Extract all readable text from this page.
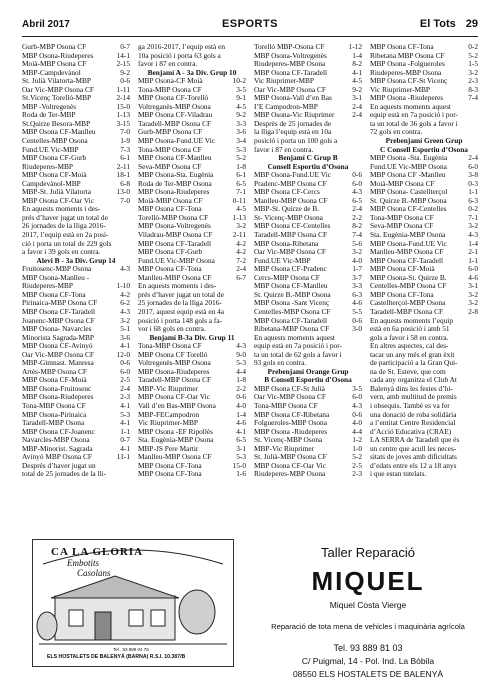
Abril 2017	ESPORTS	El Tots 29
Gurb-MBP Osona CF	0-7
MBP Osona-Riudeperes	14-1
Moià-MBP Osona CF	2-15
MBP-Campdevànol	9-2
St. Julià Vilatorta-MBP	0-6
Oar Vic-MBP Osona CF	1-11
St.Vicenç Torelló-MBP	2-14
MBP -Voltregenès	15-0
Roda de Ter-MBP	1-13
St.Quirze Besora-MBP	3-15
MBP Osona CF-Manlleu	7-0
Centelles-MBP Osona	1-9
Fund.UE Vic-MBP	7-3
MBP Osona CF-Gurb	6-1
Riudeperes-MBP	2-11
MBP Osona CF-Moià	18-1
Campdevànol-MBP	6-8
MBP-St. Julià Vilatorta	13-0
MBP Osona CF-Oar Vic	7-0
En aquests moments i des-
prés d’haver jugat un total de
26 jornades de la lliga 2016-
2017, l’equip està en 2a posi-
ció i porta un total de 229 gols
a favor i 39 gols en contra.
Alevi B - 3a Div. Grup 14
Fruitosenc-MBP Osona	4-3
MBP Osona-Manlleu -
Riudeperes-MBP	1-10
MBP Osona CF-Tona	4-2
Pirinaica-MBP Osona CF	6-2
MBP Osona CF-Taradell	4-3
Joanenc-MBP Osona CF	3-2
MBP Osona- Navarcles	5-1
Minorista Sagrada-MBP	3-6
MBP Osona CF-Avinyó	4-1
Oar Vic-MBP Osona CF	12-0
MBP-Gimnast. Manresa	0-6
Artés-MBP Osona CF	6-0
MBP Osona CF-Moià	2-5
MBP Osona-Fruitosenc	2-4
MBP Osona-Riudeperes	2-3
Tona-MBP Osona CF	4-1
MBP Osona-Pirinaica	5-3
Taradell-MBP Osona	4-1
MBP Osona CF-Joanenc	1-1
Navarcles-MBP Osona	0-7
MBP-Minorist. Sagrada	4-1
Avinyó MBP Osona CF	11-1
Després d’haver jugat un
total de 25 jornades de la lli-
ga 2016-2017, l’equip està en
10a posició i porta 63 gols a
favor i 87 en contra.
Benjamí A - 3a Div. Grup 10
MBP Osona-CF Moià	10-2
Tona-MBP Osona CF	3-5
MBP Osona CF-Torelló	9-1
Voltreganès-MBP Osona	4-5
MBP Osona CF-Viladrau	9-2
Taradell-MBP Osona CF	3-3
Gurb-MBP Osona CF	3-6
MBP Osona-Fund.UE Vic	3-4
Tona-MBP Osona CF	5-3
MBP Osona CF-Manlleu	5-2
Seva-MBP Osona CF	1-8
MBP Osona-Sta. Eugènia	6-1
Roda de Ter-MBP Osona	6-5
MBP Osona-Riudeperes	7-1
Moià-MBP Osona CF	0-11
MBP Osona CF-Tona	4-5
Torelló-MBP Osona CF	1-13
MBP Osona-Voltregenès	3-2
Viladrau-MBP Osona CF	2-11
MBP Osona CF-Taradell	4-2
MBP Osona CF-Gurb	4-2
Fund.UE Vic-MBP Osona	7-2
MBP Osona CF-Tona	2-4
Manlleu-MBP Osona CF	6-7
En aquests moments i des-
prés d’haver jugat un total de
25 jornades de la lliga 2016-
2017, aquest equip està en 4a
posició i porta 148 gols a fa-
vor i 68 gols en contra.
Benjamí B-3a Div. Grup 11
Tona-MBP Osona CF	4-3
MBP Osona CF Torelló	9-0
Voltregenès-MBP Osona	5-3
MBP Osona-Riudeperes	4-4
Taradell-MBP Osona CF	1-8
MBP-Vic Riuprimer	2-2
MBP Osona CF-Oar Vic	0-6
Vall d’en Bas-MBP Osona	4-0
MBP-FECampodron	1-4
Vic Riuprimer-MBP	4-6
MBP Osona -EF Ripollès	4-1
Sta. Eugènia-MBP Osona	6-5
MBP-JS Pere Martir	3-1
Manlleu-MBP Osona CF	5-3
MBP Osona CF-Tona	15-0
MBP Osona CF-Tona	1-6
Torelló MBP-Osona CF	1-12
MBP Osona-Voltregenès	1-4
Riudeperes-MBP Osona	8-2
MBP Osona CF-Taradell	4-1
Vic Riuprimer-MBP	4-5
Oar Vic-MBP Osona CF	9-2
MBP Osona-Vall d’en Bas	3-1
I’E Campodron-MBP	2-4
MBP Osona-Vic Riuprimer	2-4
Després de 25 jornades de
la lliga l’equip està en 10a
posició i porta un 100 gols a
favor i 87 en contra.
Benjamí C Grup B
Consell Esportiu d’Osona
MBP Osona-Fund.UE Vic	0-6
Pradenc-MBP Osona CF	6-0
MBP Osona CF-Cercs	4-3
Manlleu-MBP Osona CF	6-5
MBP-St. Quirze de B.	2-4
St- Vicenç-MBP Osona	2-2
MBP Osona CF-Centelles	8-2
Taradell-MBP Osona CF	7-4
MBP Osona-Ribetana	5-6
Oar Vic-MBP Osona CF	3-2
Fund.UE Vic-MBP	4-0
MBP Osona CF-Pradenc	1-7
Cercs-MBP Osona CF	3-7
MBP Osona CF-Manlleu	3-3
St. Quirze B.-MBP Osona	6-3
MBP Osona -Sant Vicenç	4-6
Centelles-MBP Osona CF	5-5
MBP Osona CF-Taradell	0-6
Ribetana-MBP Osona CF	3-0
En aquests moments aquest
equip està en 7a posició i por-
ta un total de 62 gols a favor i
93 gols en contra.
Prebenjamí Orange Grup
B Consell Esportiu d’Osona
MBP Osona CF-St Julià	3-5
Oar Vic-MBP Osona CF	6-0
Tona-MBP Osona CF	4-3
MBP Osona CF-Ribetana	0-6
Folgueroles-MBP Osona	4-0
MBP Osona -Riudeperes	4-4
St. Vicenç-MBP Osona	1-2
MBP-Vic Riuprimer	1-0
St. Julià-MBP Osona CF	5-2
MBP Osona CF-Oar Vic	2-5
Riudeperes-MBP Osona	2-3
MBP Osona CF-Tona	0-2
Ribetana MBP Osona CF	5-2
MBP Osona -Folgueroles	1-5
Riudeperes-MBP Osona	3-2
MBP Osona CF-St Vicenç	2-3
Vic Riuprimer-MBP	8-3
MBP Osona -Riudeperes	7-4
En aquests moments aquest
equip està en 7a posició i por-
ta un total de 36 gols a favor i
72 gols en contra.
Prebenjamí Green Grup
C Consell Esportiu d’Osona
MBP Osona -Sta. Eugènia	2-4
Fund.UE Vic-MBP Osona	6-0
MBP Osona CF -Manlleu	3-8
Moià-MBP Osona CF	0-3
MBP Osona- Castellterçol	1-1
St. Quirze B.-MBP Osona	6-3
MBP Osona CF-Centelles	0-2
Tona-MBP Osona CF	7-1
Seva-MBP Osona CF	3-2
Sta. Eugènia-MBP Osona	4-3
MBP Osona-Fund.UE Vic	1-4
Manlleu-MBP Osona CF	2-1
MBP Osona CF-Taradell	1-1
MBP Osona CF-Moià	6-0
MBP Osona-St. Quirze B.	4-6
Centelles-MBP Osona CF	3-1
MBP Osona CF-Tona	3-2
Castellterçol-MBP Osona	3-2
Taradell-MBP Osona CF	2-8
En aquests moments l’equip
està en 6a posició i amb 51
gols a favor i 58 en contra.
En altres aspectes, cal des-
tacar un any més el gran èxit
de participació a la Gran Qui-
na de St. Esteve, que com
cada any organitza el Club At
Balenyà dins les festes d’hi-
vern, amb multitud de premis
i obsequis. També es va fer
una donació de roba solidària
a l’entitat Centre Residencial
d’Acció Educativa (CRAE)
LA SERRA de Taradell que és
un centre que acull les neces-
sitats de joves amb dificultats
d’edats entre els 12 a 18 anys
i que estan tutelats.
CA LA GLORIA
Embotits
Casolans
Tel . 93 889 04 76
ELS HOSTALETS DE BALENYÀ (BARNA) R.S.I. 10.387/B
Taller Reparació
MIQUEL
Miquel Costa Vierge
Reparació de tota mena de vehicles i maquinària agrícola
Tel. 93 889 81 03
C/ Puigmal, 14 - Pol. Ind. La Bòbila
08550 ELS HOSTALETS DE BALENYÀ
